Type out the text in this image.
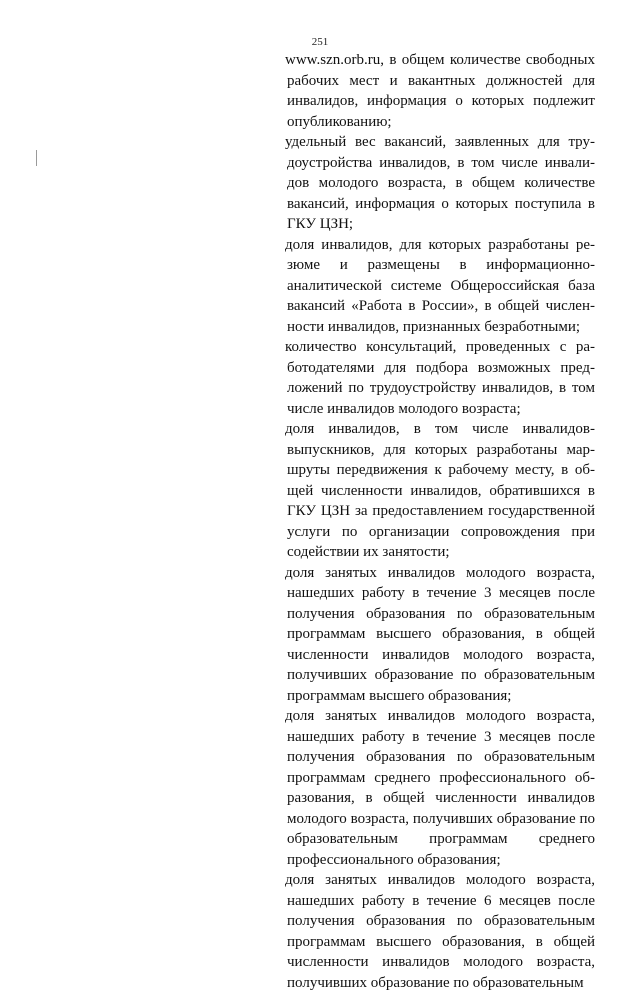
251

www.szn.orb.ru, в общем количестве свободных рабочих мест и вакантных должностей для инвалидов, информация о которых подлежит опубликованию;

удельный вес вакансий, заявленных для трудоустройства инвалидов, в том числе инвалидов молодого возраста, в общем количестве вакансий, информация о которых поступила в ГКУ ЦЗН;

доля инвалидов, для которых разработаны резюме и размещены в информационно-аналитической системе Общероссийская база вакансий «Работа в России», в общей численности инвалидов, признанных безработными;

количество консультаций, проведенных с работодателями для подбора возможных предложений по трудоустройству инвалидов, в том числе инвалидов молодого возраста;

доля инвалидов, в том числе инвалидов-выпускников, для которых разработаны маршруты передвижения к рабочему месту, в общей численности инвалидов, обратившихся в ГКУ ЦЗН за предоставлением государственной услуги по организации сопровождения при содействии их занятости;

доля занятых инвалидов молодого возраста, нашедших работу в течение 3 месяцев после получения образования по образовательным программам высшего образования, в общей численности инвалидов молодого возраста, получивших образование по образовательным программам высшего образования;

доля занятых инвалидов молодого возраста, нашедших работу в течение 3 месяцев после получения образования по образовательным программам среднего профессионального образования, в общей численности инвалидов молодого возраста, получивших образование по образовательным программам среднего профессионального образования;

доля занятых инвалидов молодого возраста, нашедших работу в течение 6 месяцев после получения образования по образовательным программам высшего образования, в общей численности инвалидов молодого возраста, получивших образование по образовательным
